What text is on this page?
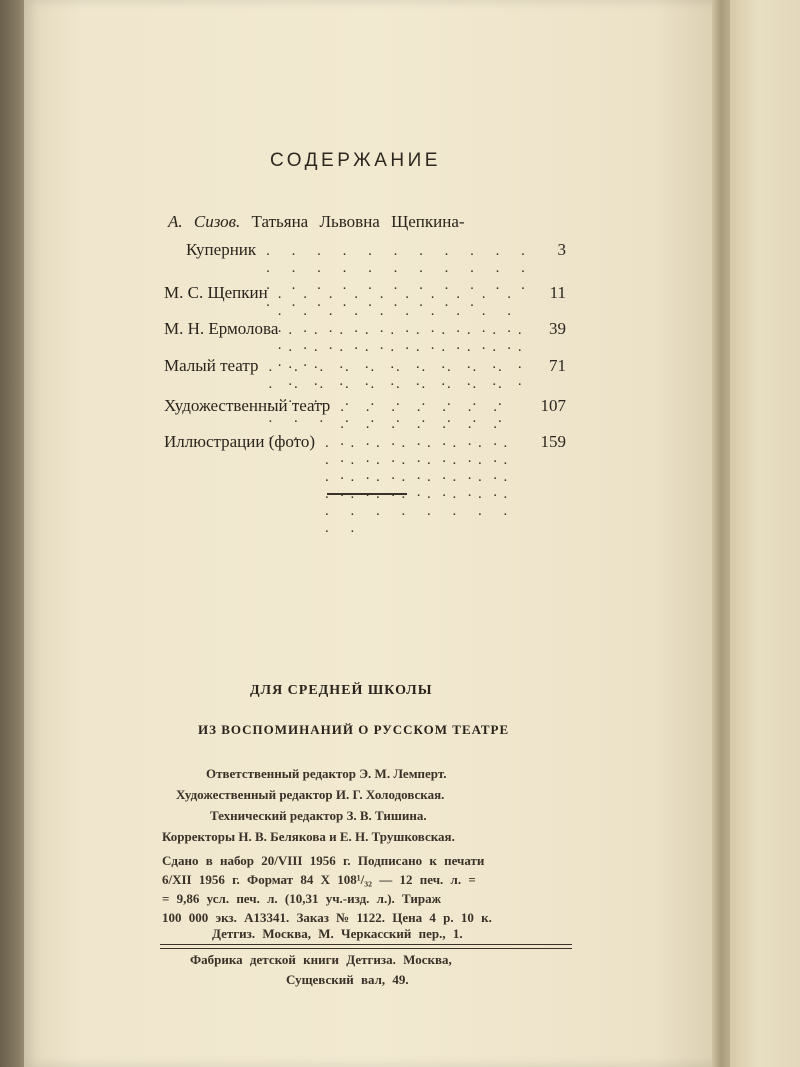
СОДЕРЖАНИЕ
А. Сизов. Татьяна Львовна Щепкина-
Куперник . . .	3
М. С. Щепкин . . .	11
М. Н. Ермолова . . .	39
Малый театр . . .	71
Художественный театр . . .	107
Иллюстрации (фото) . . .	159
ДЛЯ СРЕДНЕЙ ШКОЛЫ
ИЗ ВОСПОМИНАНИЙ О РУССКОМ ТЕАТРЕ
Ответственный редактор Э. М. Лемперт.
Художественный редактор И. Г. Холодовская.
Технический редактор З. В. Тишина.
Корректоры Н. В. Белякова и Е. Н. Трушковская.
Сдано в набор 20/VIII 1956 г. Подписано к печати
6/XII 1956 г. Формат 84 X 108¹/₃₂ — 12 печ. л. =
= 9,86 усл. печ. л. (10,31 уч.-изд. л.). Тираж
100 000 экз. А13341. Заказ № 1122. Цена 4 р. 10 к.
Детгиз. Москва, М. Черкасский пер., 1.
Фабрика детской книги Детгиза. Москва,
Сущевский вал, 49.
